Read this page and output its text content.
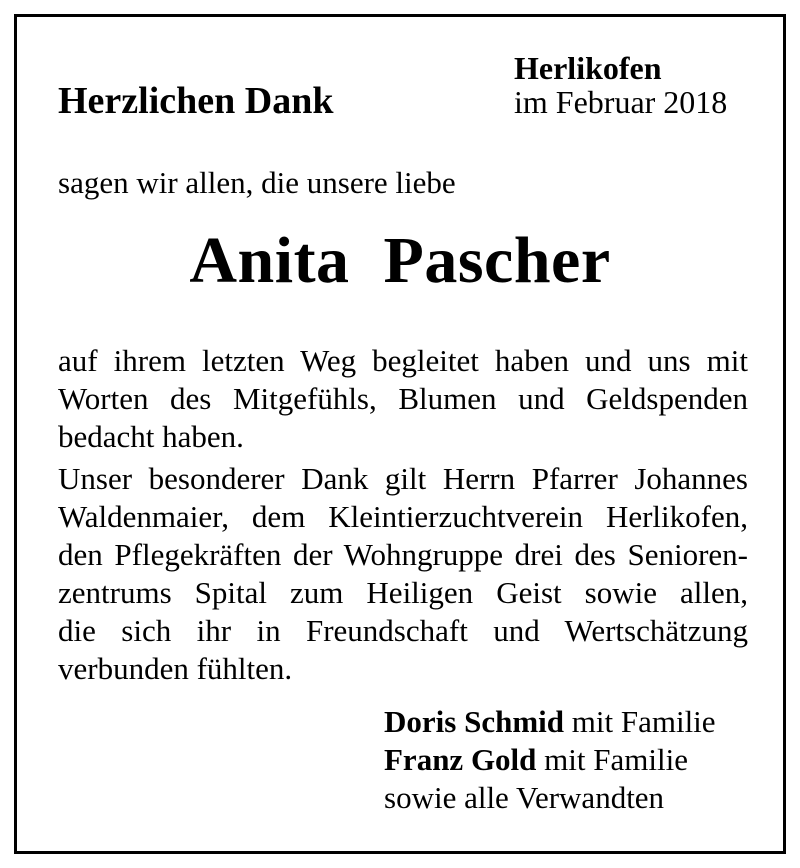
Herzlichen Dank
Herlikofen
im Februar 2018
sagen wir allen, die unsere liebe
Anita  Pascher
auf ihrem letzten Weg begleitet haben und uns mit
Worten des Mitgefühls, Blumen und Geldspenden
bedacht haben.
Unser besonderer Dank gilt Herrn Pfarrer Johannes
Waldenmaier, dem Kleintierzuchtverein Herlikofen,
den Pflegekräften der Wohngruppe drei des Senioren-
zentrums Spital zum Heiligen Geist sowie allen,
die sich ihr in Freundschaft und Wertschätzung
verbunden fühlten.
Doris Schmid mit Familie
Franz Gold mit Familie
sowie alle Verwandten
